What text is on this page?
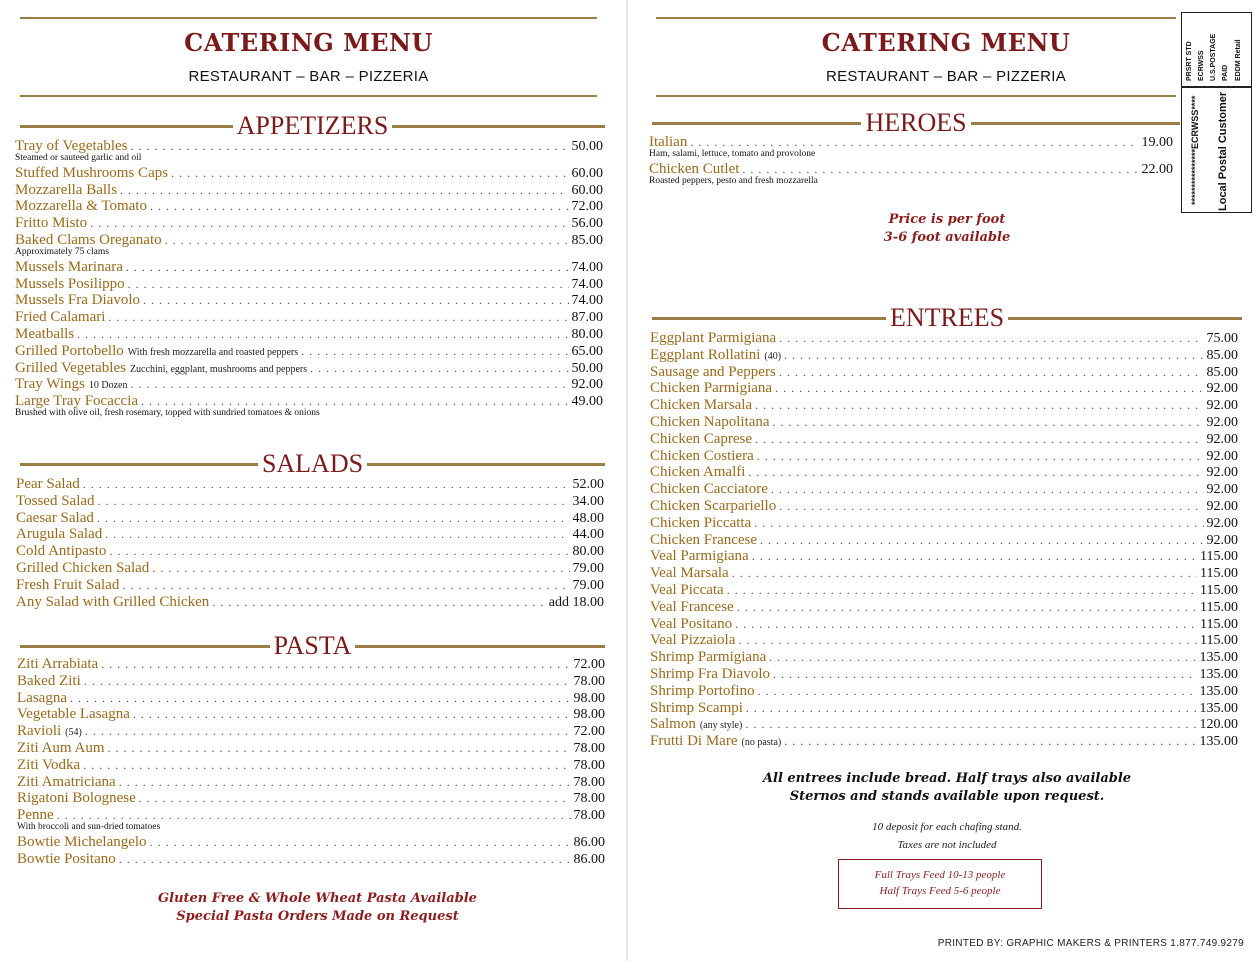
CATERING MENU
RESTAURANT – BAR – PIZZERIA
APPETIZERS
Tray of Vegetables . . .	50.00
Steamed or sauteed garlic and oil
Stuffed Mushrooms Caps . . .	60.00
Mozzarella Balls . . .	60.00
Mozzarella & Tomato . . .	72.00
Fritto Misto . . .	56.00
Baked Clams Oreganato . . .	85.00
Approximately 75 clams
Mussels Marinara . . .	74.00
Mussels Posilippo . . .	74.00
Mussels Fra Diavolo . . .	74.00
Fried Calamari . . .	87.00
Meatballs . . .	80.00
Grilled Portobello With fresh mozzarella and roasted peppers . . .	65.00
Grilled Vegetables Zucchini, eggplant, mushrooms and peppers . . .	50.00
Tray Wings 10 Dozen . . .	92.00
Large Tray Focaccia . . .	49.00
Brushed with olive oil, fresh rosemary, topped with sundried tomatoes & onions
SALADS
Pear Salad . . .	52.00
Tossed Salad . . .	34.00
Caesar Salad . . .	48.00
Arugula Salad . . .	44.00
Cold Antipasto . . .	80.00
Grilled Chicken Salad . . .	79.00
Fresh Fruit Salad . . .	79.00
Any Salad with Grilled Chicken . . .	add 18.00
PASTA
Ziti Arrabiata . . .	72.00
Baked Ziti . . .	78.00
Lasagna . . .	98.00
Vegetable Lasagna . . .	98.00
Ravioli (54) . . .	72.00
Ziti Aum Aum . . .	78.00
Ziti Vodka . . .	78.00
Ziti Amatriciana . . .	78.00
Rigatoni Bolognese . . .	78.00
Penne . . .	78.00
With broccoli and sun-dried tomatoes
Bowtie Michelangelo . . .	86.00
Bowtie Positano . . .	86.00
Gluten Free & Whole Wheat Pasta Available
Special Pasta Orders Made on Request
CATERING MENU
RESTAURANT – BAR – PIZZERIA
HEROES
Italian . . .	19.00
Ham, salami, lettuce, tomato and provolone
Chicken Cutlet . . .	22.00
Roasted peppers, pesto and fresh mozzarella
Price is per foot
3-6 foot available
ENTREES
Eggplant Parmigiana . . .	75.00
Eggplant Rollatini (40) . . .	85.00
Sausage and Peppers . . .	85.00
Chicken Parmigiana . . .	92.00
Chicken Marsala . . .	92.00
Chicken Napolitana . . .	92.00
Chicken Caprese . . .	92.00
Chicken Costiera . . .	92.00
Chicken Amalfi . . .	92.00
Chicken Cacciatore . . .	92.00
Chicken Scarpariello . . .	92.00
Chicken Piccatta . . .	92.00
Chicken Francese . . .	92.00
Veal Parmigiana . . .	115.00
Veal Marsala . . .	115.00
Veal Piccata . . .	115.00
Veal Francese . . .	115.00
Veal Positano . . .	115.00
Veal Pizzaiola . . .	115.00
Shrimp Parmigiana . . .	135.00
Shrimp Fra Diavolo . . .	135.00
Shrimp Portofino . . .	135.00
Shrimp Scampi . . .	135.00
Salmon (any style) . . .	120.00
Frutti Di Mare (no pasta) . . .	135.00
All entrees include bread. Half trays also available
Sternos and stands available upon request.
10 deposit for each chafing stand.
Taxes are not included
Full Trays Feed 10-13 people
Half Trays Feed 5-6 people
PRSRT STD ECRWSS U.S.POSTAGE PAID EDDM Retail
****************ECRWSS**** Local Postal Customer
PRINTED BY: GRAPHIC MAKERS & PRINTERS 1.877.749.9279
